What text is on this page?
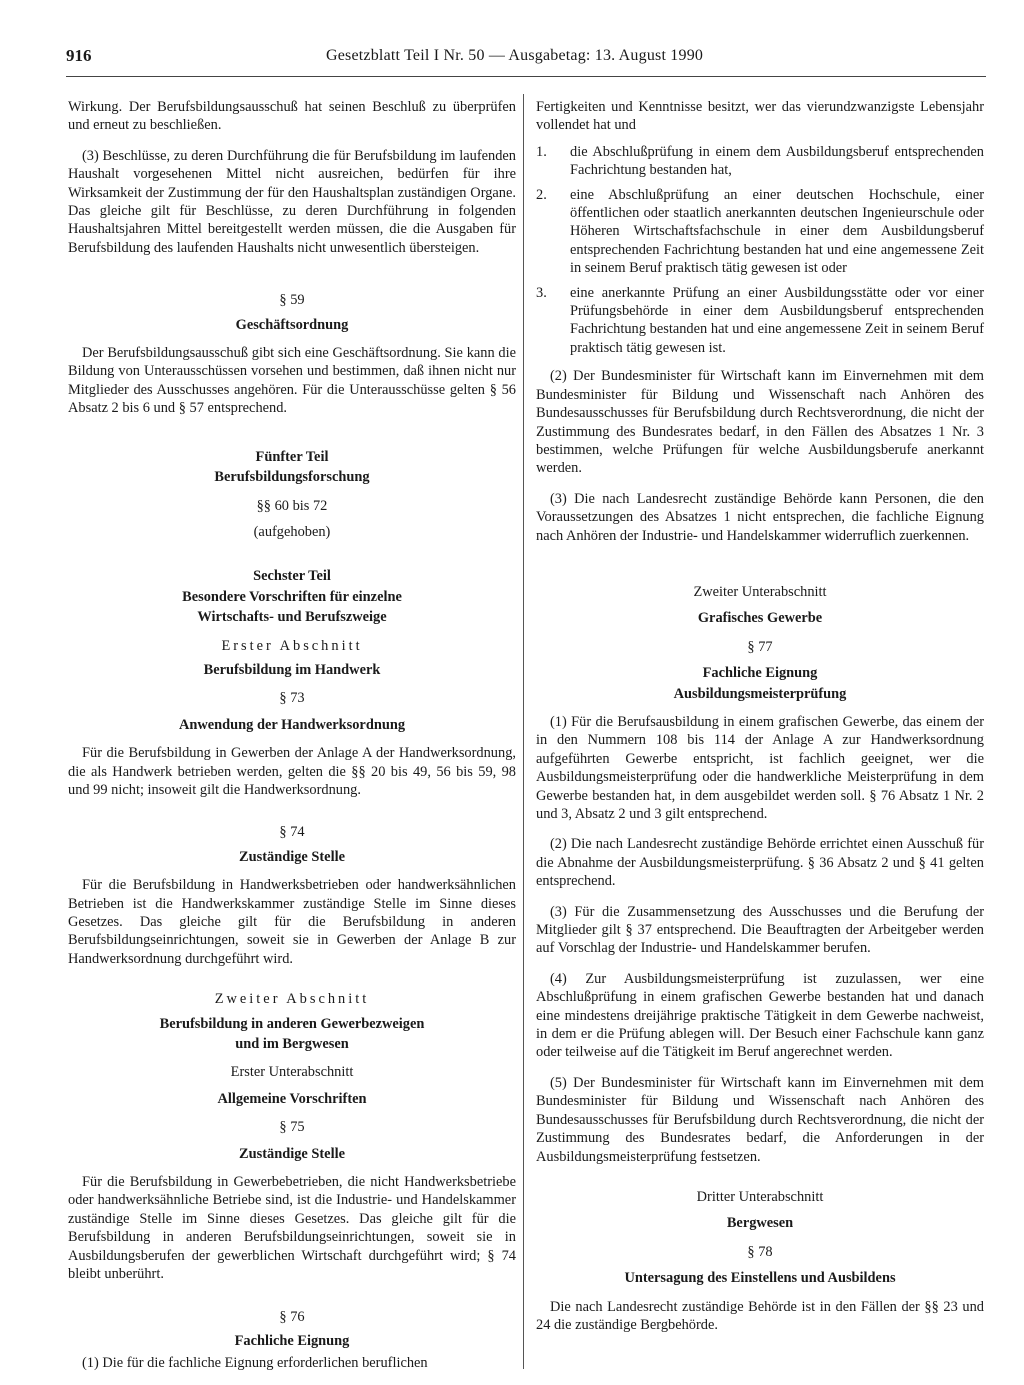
916	Gesetzblatt Teil I Nr. 50 — Ausgabetag: 13. August 1990

Wirkung. Der Berufsbildungsausschuß hat seinen Beschluß zu überprüfen und erneut zu beschließen.

(3) Beschlüsse, zu deren Durchführung die für Berufsbildung im laufenden Haushalt vorgesehenen Mittel nicht ausreichen, bedürfen für ihre Wirksamkeit der Zustimmung der für den Haushaltsplan zuständigen Organe. Das gleiche gilt für Beschlüsse, zu deren Durchführung in folgenden Haushaltsjahren Mittel bereitgestellt werden müssen, die die Ausgaben für Berufsbildung des laufenden Haushalts nicht unwesentlich übersteigen.

§ 59
Geschäftsordnung

Der Berufsbildungsausschuß gibt sich eine Geschäftsordnung. Sie kann die Bildung von Unterausschüssen vorsehen und bestimmen, daß ihnen nicht nur Mitglieder des Ausschusses angehören. Für die Unterausschüsse gelten § 56 Absatz 2 bis 6 und § 57 entsprechend.

Fünfter Teil
Berufsbildungsforschung
§§ 60 bis 72
(aufgehoben)
Sechster Teil
Besondere Vorschriften für einzelne
Wirtschafts- und Berufszweige
Erster Abschnitt
Berufsbildung im Handwerk
§ 73
Anwendung der Handwerksordnung

Für die Berufsbildung in Gewerben der Anlage A der Handwerksordnung, die als Handwerk betrieben werden, gelten die §§ 20 bis 49, 56 bis 59, 98 und 99 nicht; insoweit gilt die Handwerksordnung.

§ 74
Zuständige Stelle

Für die Berufsbildung in Handwerksbetrieben oder handwerksähnlichen Betrieben ist die Handwerkskammer zuständige Stelle im Sinne dieses Gesetzes. Das gleiche gilt für die Berufsbildung in anderen Berufsbildungseinrichtungen, soweit sie in Gewerben der Anlage B zur Handwerksordnung durchgeführt wird.

Zweiter Abschnitt
Berufsbildung in anderen Gewerbezweigen
und im Bergwesen
Erster Unterabschnitt
Allgemeine Vorschriften
§ 75
Zuständige Stelle

Für die Berufsbildung in Gewerbebetrieben, die nicht Handwerksbetriebe oder handwerksähnliche Betriebe sind, ist die Industrie- und Handelskammer zuständige Stelle im Sinne dieses Gesetzes. Das gleiche gilt für die Berufsbildung in anderen Berufsbildungseinrichtungen, soweit sie in Ausbildungsberufen der gewerblichen Wirtschaft durchgeführt wird; § 74 bleibt unberührt.

§ 76
Fachliche Eignung

(1) Die für die fachliche Eignung erforderlichen beruflichen

Fertigkeiten und Kenntnisse besitzt, wer das vierundzwanzigste Lebensjahr vollendet hat und

1.	die Abschlußprüfung in einem dem Ausbildungsberuf entsprechenden Fachrichtung bestanden hat,
2.	eine Abschlußprüfung an einer deutschen Hochschule, einer öffentlichen oder staatlich anerkannten deutschen Ingenieurschule oder Höheren Wirtschaftsfachschule in einer dem Ausbildungsberuf entsprechenden Fachrichtung bestanden hat und eine angemessene Zeit in seinem Beruf praktisch tätig gewesen ist oder
3.	eine anerkannte Prüfung an einer Ausbildungsstätte oder vor einer Prüfungsbehörde in einer dem Ausbildungsberuf entsprechenden Fachrichtung bestanden hat und eine angemessene Zeit in seinem Beruf praktisch tätig gewesen ist.

(2) Der Bundesminister für Wirtschaft kann im Einvernehmen mit dem Bundesminister für Bildung und Wissenschaft nach Anhören des Bundesausschusses für Berufsbildung durch Rechtsverordnung, die nicht der Zustimmung des Bundesrates bedarf, in den Fällen des Absatzes 1 Nr. 3 bestimmen, welche Prüfungen für welche Ausbildungsberufe anerkannt werden.

(3) Die nach Landesrecht zuständige Behörde kann Personen, die den Voraussetzungen des Absatzes 1 nicht entsprechen, die fachliche Eignung nach Anhören der Industrie- und Handelskammer widerruflich zuerkennen.

Zweiter Unterabschnitt
Grafisches Gewerbe
§ 77
Fachliche Eignung
Ausbildungsmeisterprüfung

(1) Für die Berufsausbildung in einem grafischen Gewerbe, das einem der in den Nummern 108 bis 114 der Anlage A zur Handwerksordnung aufgeführten Gewerbe entspricht, ist fachlich geeignet, wer die Ausbildungsmeisterprüfung oder die handwerkliche Meisterprüfung in dem Gewerbe bestanden hat, in dem ausgebildet werden soll. § 76 Absatz 1 Nr. 2 und 3, Absatz 2 und 3 gilt entsprechend.

(2) Die nach Landesrecht zuständige Behörde errichtet einen Ausschuß für die Abnahme der Ausbildungsmeisterprüfung. § 36 Absatz 2 und § 41 gelten entsprechend.

(3) Für die Zusammensetzung des Ausschusses und die Berufung der Mitglieder gilt § 37 entsprechend. Die Beauftragten der Arbeitgeber werden auf Vorschlag der Industrie- und Handelskammer berufen.

(4) Zur Ausbildungsmeisterprüfung ist zuzulassen, wer eine Abschlußprüfung in einem grafischen Gewerbe bestanden hat und danach eine mindestens dreijährige praktische Tätigkeit in dem Gewerbe nachweist, in dem er die Prüfung ablegen will. Der Besuch einer Fachschule kann ganz oder teilweise auf die Tätigkeit im Beruf angerechnet werden.

(5) Der Bundesminister für Wirtschaft kann im Einvernehmen mit dem Bundesminister für Bildung und Wissenschaft nach Anhören des Bundesausschusses für Berufsbildung durch Rechtsverordnung, die nicht der Zustimmung des Bundesrates bedarf, die Anforderungen in der Ausbildungsmeisterprüfung festsetzen.

Dritter Unterabschnitt
Bergwesen
§ 78
Untersagung des Einstellens und Ausbildens

Die nach Landesrecht zuständige Behörde ist in den Fällen der §§ 23 und 24 die zuständige Bergbehörde.
